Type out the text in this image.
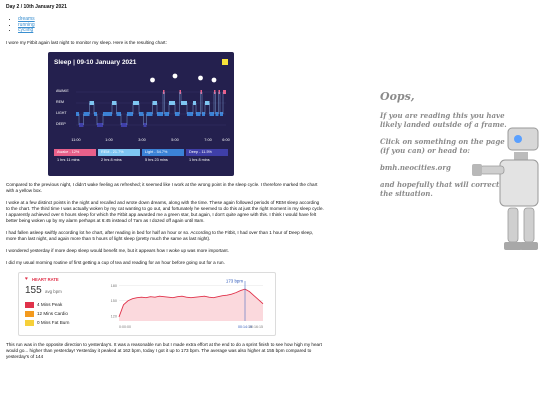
Day 2 / 10th January 2021
• dreams
• running
• cycling

I wore my Fitbit again last night to monitor my sleep. Here is the resulting chart:

Sleep | 09-10 January 2021
AWAKE
REM
LIGHT
DEEP
11:00	1:00	3:00	5:00	7:00	6:00
Awake - 12%
1 hrs 11 mins
REM - 21.7%
2 hrs 8 mins
Light - 54.7%
5 hrs 23 mins
Deep - 11.5%
1 hrs 8 mins

Compared to the previous night, I didn't wake feeling as refreshed; it seemed like I work at the wrong point in the sleep cycle. I therefore marked the chart with a yellow box.

I woke at a few distinct points in the night and recalled and wrote down dreams, along with the time. These again followed periods of REM sleep according to the chart. The third time I was actually woken by my cat wanting to go out, and fortunately he seemed to do this at just the right moment in my sleep cycle. I apparently achieved over 6 hours sleep for which the Fitbit app awarded me a green star, but again, I don't quite agree with this. I think I would have felt better being woken up by my alarm perhaps at 6:45 instead of 7am as I dozed off again until 8am.

I had fallen asleep swiftly according lot he chart, after reading in bed for half an hour or so. According to the Fitbit, I had over than 1 hour of Deep sleep, more than last night, and again more than 5 hours of light sleep (pretty much the same as last night).

I wondered yesterday if more deep sleep would benefit me, but it appears how I woke up was more important.

I did my usual morning routine of first getting a cup of tea and reading for an hour before going out for a run.

♥ HEART RATE
155 avg bpm
4 Mins Peak
12 Mins Cardio
0 Mins Fat Burn
180
150
120
173 bpm
0:00:00	00:14:19
00:16:15

This run was in the opposite direction to yesterday's. It was a reasonable run but I made extra effort at the end to do a sprint finish to see how high my heart would go... higher than yesterday! Yesterday it peaked at 162 bpm, today I got it up to 173 bpm. The average was also higher at 155 bpm compared to yesterday's of 144

Oops,

If you are reading this you have likely landed outside of a frame.

Click on something on the page (if you can) or head to:

bmh.neocities.org

and hopefully that will correct the situation.
